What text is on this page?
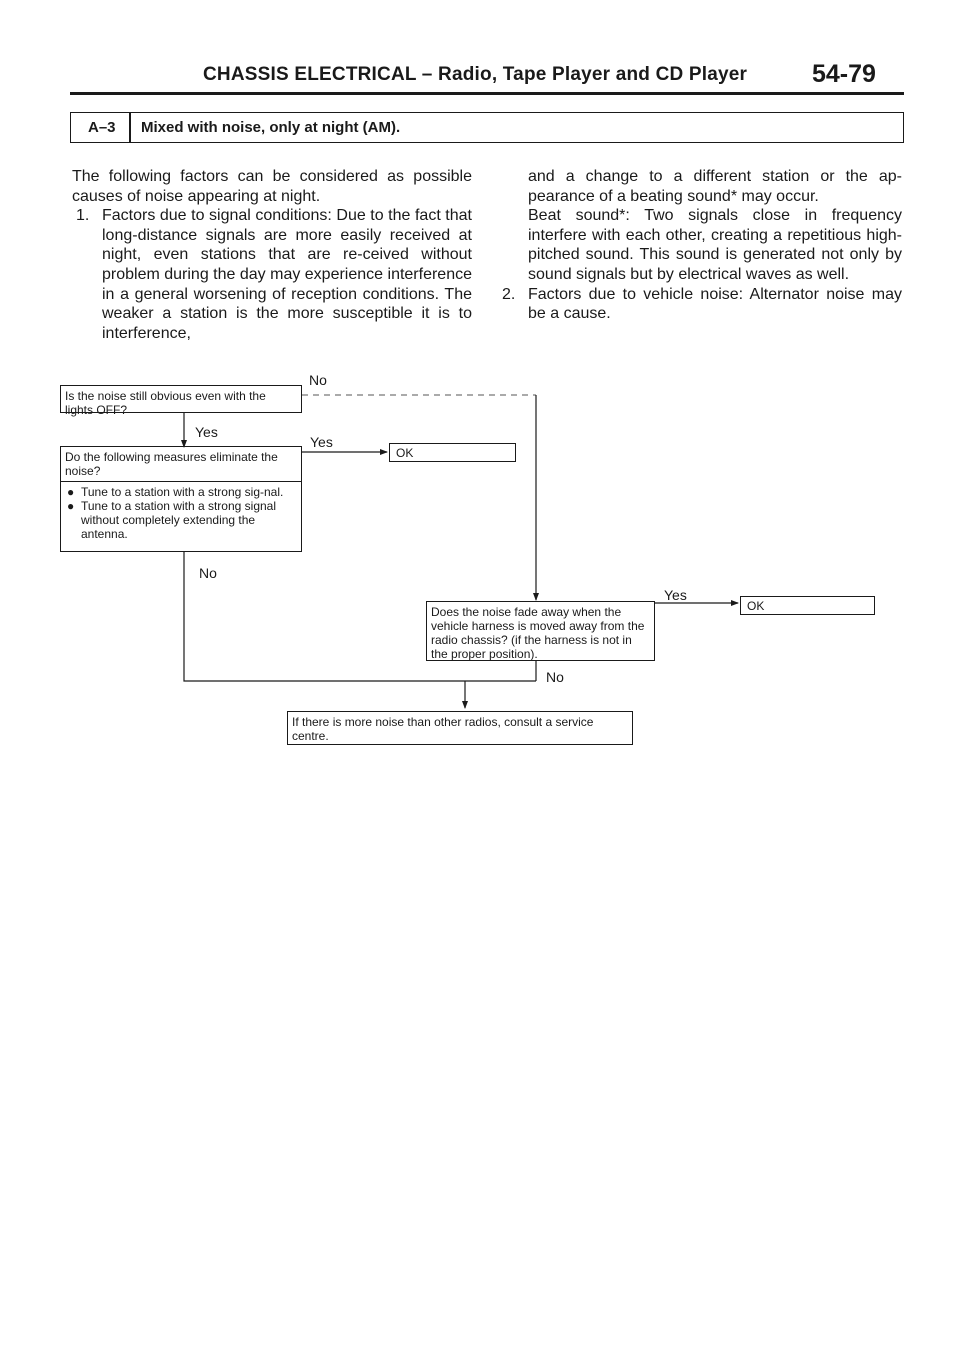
CHASSIS ELECTRICAL – Radio, Tape Player and CD Player	54-79
A–3 Mixed with noise, only at night (AM).

The following factors can be considered as possible causes of noise appearing at night.

1. Factors due to signal conditions: Due to the fact that long-distance signals are more easily received at night, even stations that are re-ceived without problem during the day may experience interference in a general worsening of reception conditions. The weaker a station is the more susceptible it is to interference,
and a change to a different station or the ap-pearance of a beating sound* may occur.
Beat sound*: Two signals close in frequency interfere with each other, creating a repetitious high-pitched sound. This sound is generated not only by sound signals but by electrical waves as well.
2. Factors due to vehicle noise: Alternator noise may be a cause.
Is the noise still obvious even with the lights OFF?
Do the following measures eliminate the noise?
● Tune to a station with a strong sig-nal.
● Tune to a station with a strong signal without completely extending the antenna.
OK
Does the noise fade away when the vehicle harness is moved away from the radio chassis? (if the harness is not in the proper position).
OK
If there is more noise than other radios, consult a service centre.
No
Yes
Yes
No
Yes
No
